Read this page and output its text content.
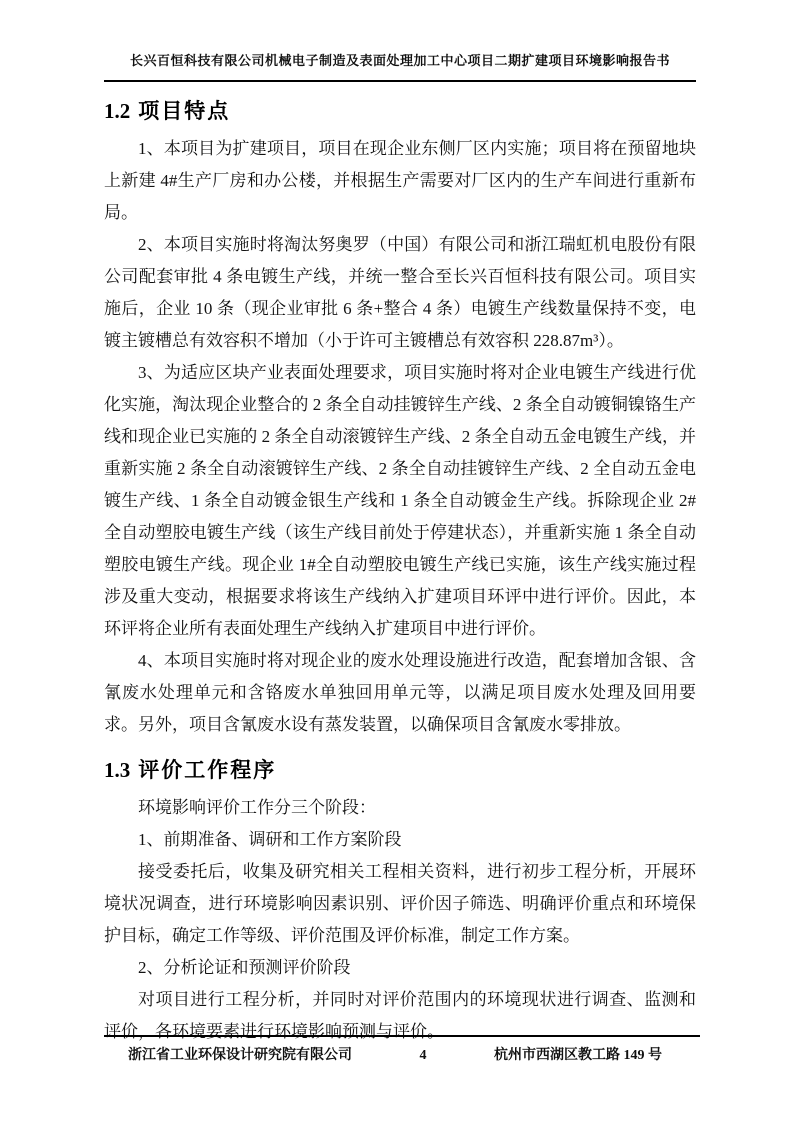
长兴百恒科技有限公司机械电子制造及表面处理加工中心项目二期扩建项目环境影响报告书
1.2 项目特点

1、本项目为扩建项目，项目在现企业东侧厂区内实施；项目将在预留地块上新建 4#生产厂房和办公楼，并根据生产需要对厂区内的生产车间进行重新布局。

2、本项目实施时将淘汰努奥罗（中国）有限公司和浙江瑞虹机电股份有限公司配套审批 4 条电镀生产线，并统一整合至长兴百恒科技有限公司。项目实施后，企业 10 条（现企业审批 6 条+整合 4 条）电镀生产线数量保持不变，电镀主镀槽总有效容积不增加（小于许可主镀槽总有效容积 228.87m³）。

3、为适应区块产业表面处理要求，项目实施时将对企业电镀生产线进行优化实施，淘汰现企业整合的 2 条全自动挂镀锌生产线、2 条全自动镀铜镍铬生产线和现企业已实施的 2 条全自动滚镀锌生产线、2 条全自动五金电镀生产线，并重新实施 2 条全自动滚镀锌生产线、2 条全自动挂镀锌生产线、2 全自动五金电镀生产线、1 条全自动镀金银生产线和 1 条全自动镀金生产线。拆除现企业 2#全自动塑胶电镀生产线（该生产线目前处于停建状态），并重新实施 1 条全自动塑胶电镀生产线。现企业 1#全自动塑胶电镀生产线已实施，该生产线实施过程涉及重大变动，根据要求将该生产线纳入扩建项目环评中进行评价。因此，本环评将企业所有表面处理生产线纳入扩建项目中进行评价。

4、本项目实施时将对现企业的废水处理设施进行改造，配套增加含银、含氰废水处理单元和含铬废水单独回用单元等，以满足项目废水处理及回用要求。另外，项目含氰废水设有蒸发装置，以确保项目含氰废水零排放。

1.3 评价工作程序

环境影响评价工作分三个阶段：

1、前期准备、调研和工作方案阶段

接受委托后，收集及研究相关工程相关资料，进行初步工程分析，开展环境状况调查，进行环境影响因素识别、评价因子筛选、明确评价重点和环境保护目标，确定工作等级、评价范围及评价标准，制定工作方案。

2、分析论证和预测评价阶段

对项目进行工程分析，并同时对评价范围内的环境现状进行调查、监测和评价，各环境要素进行环境影响预测与评价。

浙江省工业环保设计研究院有限公司	4	杭州市西湖区教工路 149 号
